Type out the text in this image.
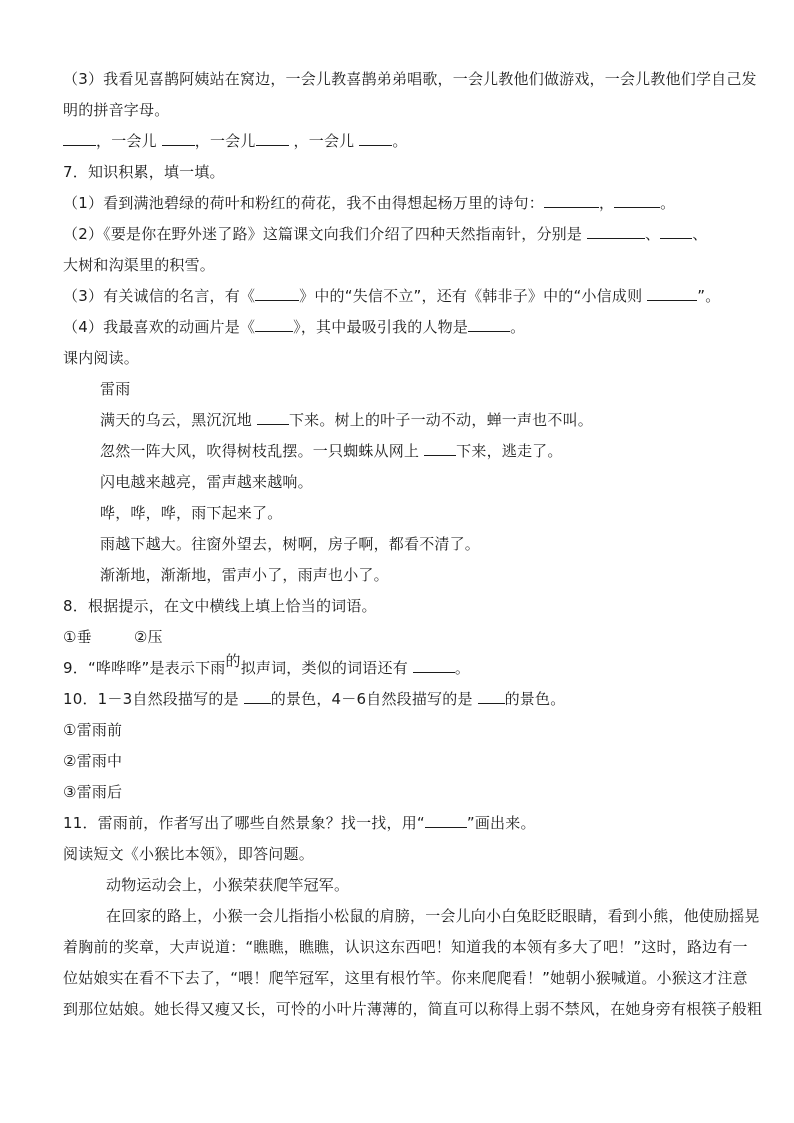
（3）我看见喜鹊阿姨站在窝边，一会儿教喜鹊弟弟唱歌，一会儿教他们做游戏，一会儿教他们学自己发
明的拼音字母。
，一会儿 ，一会儿 ，一会儿 。
7．知识积累，填一填。
（1）看到满池碧绿的荷叶和粉红的荷花，我不由得想起杨万里的诗句：	，	。
（2）《要是你在野外迷了路》这篇课文向我们介绍了四种天然指南针，分别是	、 、
大树和沟渠里的积雪。
（3）有关诚信的名言，有《	》中的“失信不立”，还有《韩非子》中的“小信成则	”。
（4）我最喜欢的动画片是《	》，其中最吸引我的人物是	。
课内阅读。
雷雨
满天的乌云，黑沉沉地 下来。树上的叶子一动不动，蝉一声也不叫。
忽然一阵大风，吹得树枝乱摆。一只蜘蛛从网上 下来，逃走了。
闪电越来越亮，雷声越来越响。
哗，哗，哗，雨下起来了。
雨越下越大。往窗外望去，树啊，房子啊，都看不清了。
渐渐地，渐渐地，雷声小了，雨声也小了。
8．根据提示，在文中横线上填上恰当的词语。
①垂	②压
9．“哗哗哗”是表示下雨的拟声词，类似的词语还有	。
10．1－3自然段描写的是 的景色，4－6自然段描写的是 的景色。
①雷雨前
②雷雨中
③雷雨后
11．雷雨前，作者写出了哪些自然景象？找一找，用“	”画出来。
阅读短文《小猴比本领》，即答问题。
动物运动会上，小猴荣获爬竿冠军。
在回家的路上，小猴一会儿指指小松鼠的肩膀，一会儿向小白兔眨眨眼睛，看到小熊，他使励摇晃
着胸前的奖章，大声说道：“瞧瞧，瞧瞧，认识这东西吧！知道我的本领有多大了吧！”这时，路边有一
位姑娘实在看不下去了，“喂！爬竿冠军，这里有根竹竿。你来爬爬看！”她朝小猴喊道。小猴这才注意
到那位姑娘。她长得又瘦又长，可怜的小叶片薄薄的，简直可以称得上弱不禁风，在她身旁有根筷子般粗
